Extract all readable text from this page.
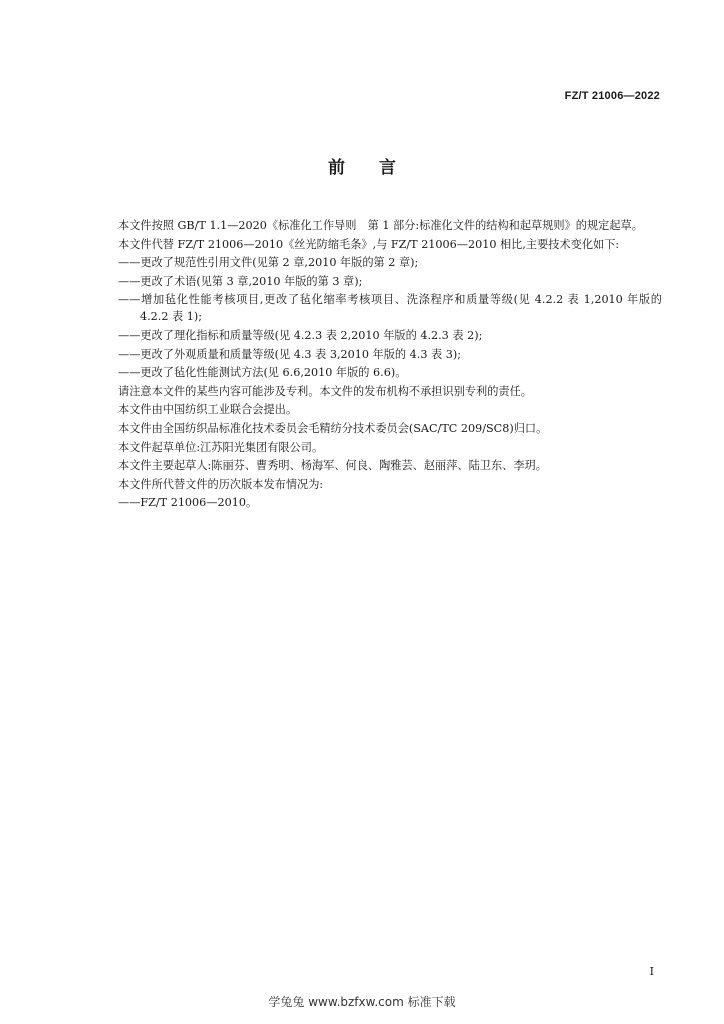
FZ/T 21006—2022
前言

本文件按照 GB/T 1.1—2020《标准化工作导则　第 1 部分:标准化文件的结构和起草规则》的规定起草。

本文件代替 FZ/T 21006—2010《丝光防缩毛条》,与 FZ/T 21006—2010 相比,主要技术变化如下:

——更改了规范性引用文件(见第 2 章,2010 年版的第 2 章);

——更改了术语(见第 3 章,2010 年版的第 3 章);

——增加毡化性能考核项目,更改了毡化缩率考核项目、洗涤程序和质量等级(见 4.2.2 表 1,2010 年版的 4.2.2 表 1);

——更改了理化指标和质量等级(见 4.2.3 表 2,2010 年版的 4.2.3 表 2);

——更改了外观质量和质量等级(见 4.3 表 3,2010 年版的 4.3 表 3);

——更改了毡化性能测试方法(见 6.6,2010 年版的 6.6)。

请注意本文件的某些内容可能涉及专利。本文件的发布机构不承担识别专利的责任。

本文件由中国纺织工业联合会提出。

本文件由全国纺织品标准化技术委员会毛精纺分技术委员会(SAC/TC 209/SC8)归口。

本文件起草单位:江苏阳光集团有限公司。

本文件主要起草人:陈丽芬、曹秀明、杨海军、何良、陶雅芸、赵丽萍、陆卫东、李玥。

本文件所代替文件的历次版本发布情况为:

——FZ/T 21006—2010。

I
学兔兔 www.bzfxw.com 标准下载
